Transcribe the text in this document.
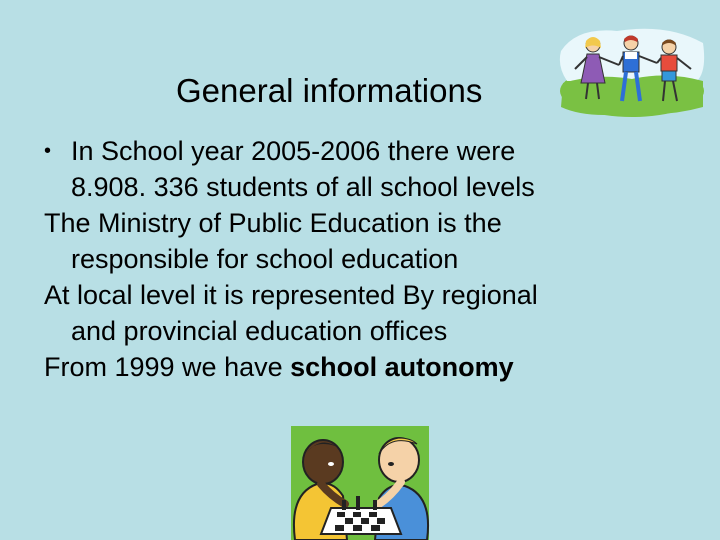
General informations

• In School year 2005-2006 there were
8.908. 336 students of all school levels

The Ministry of Public Education is the
responsible for school education

At local level it is represented By regional
and provincial education offices

From 1999 we have school autonomy
